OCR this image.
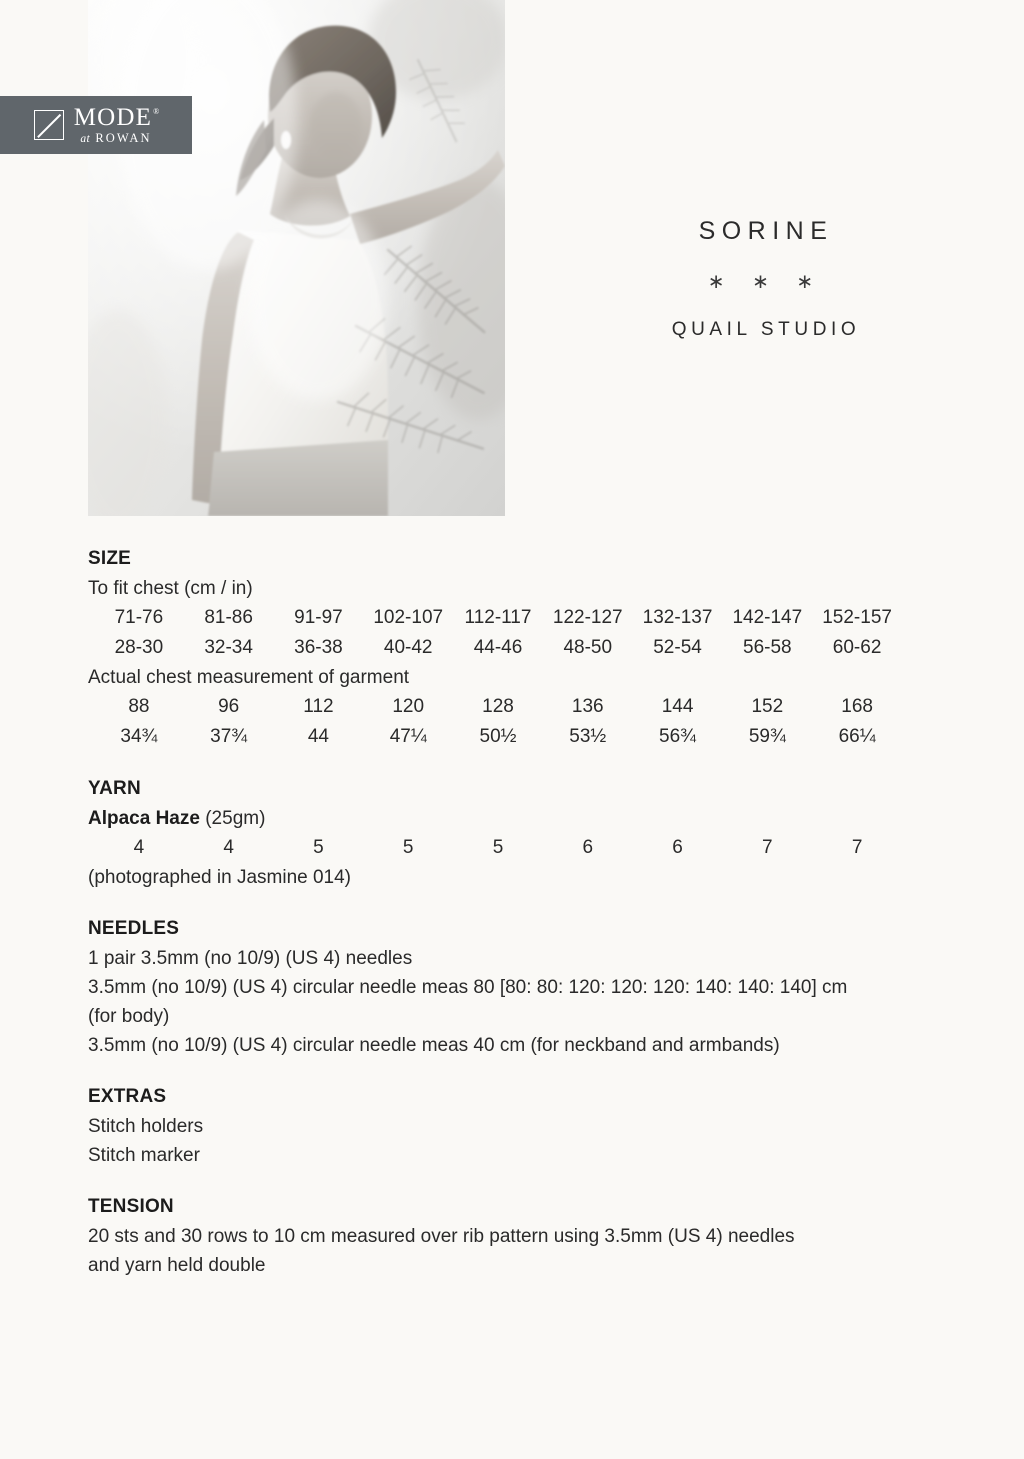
MODE®
at ROWAN
SORINE
∗ ∗ ∗
QUAIL STUDIO
SIZE
To fit chest (cm / in)
71-76	81-86	91-97	102-107	112-117	122-127	132-137	142-147	152-157
28-30	32-34	36-38	40-42	44-46	48-50	52-54	56-58	60-62
Actual chest measurement of garment
88	96	112	120	128	136	144	152	168
34¾	37¾	44	47¼	50½	53½	56¾	59¾	66¼
YARN
Alpaca Haze (25gm)
4	4	5	5	5	6	6	7	7
(photographed in Jasmine 014)
NEEDLES
1 pair 3.5mm (no 10/9) (US 4) needles
3.5mm (no 10/9) (US 4) circular needle meas 80 [80: 80: 120: 120: 120: 140: 140: 140] cm
(for body)
3.5mm (no 10/9) (US 4) circular needle meas 40 cm (for neckband and armbands)
EXTRAS
Stitch holders
Stitch marker
TENSION
20 sts and 30 rows to 10 cm measured over rib pattern using 3.5mm (US 4) needles
and yarn held double
